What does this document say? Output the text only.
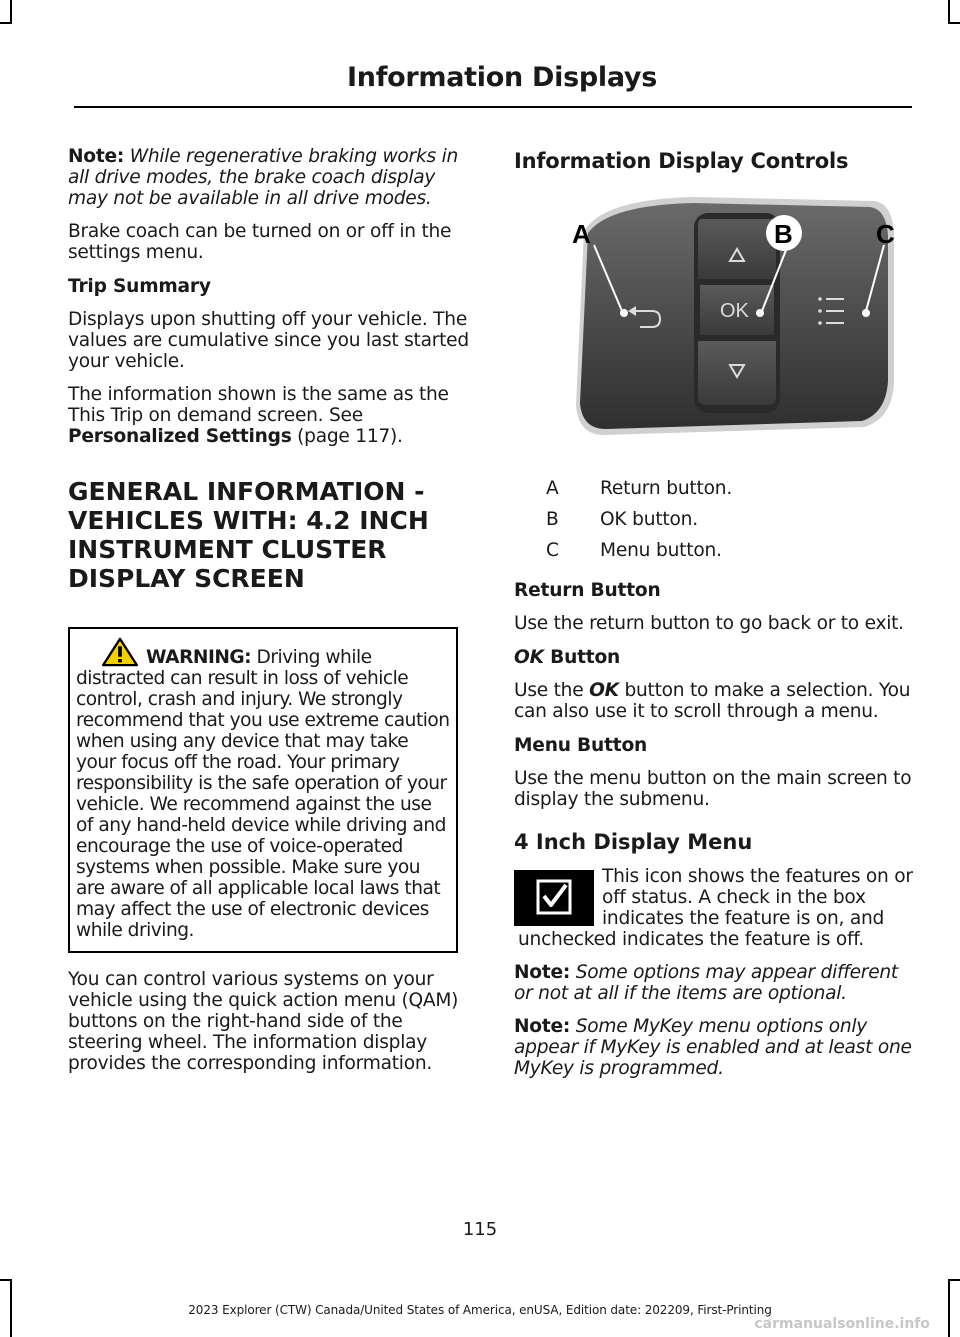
Information Displays

Note: While regenerative braking works in all drive modes, the brake coach display may not be available in all drive modes.

Brake coach can be turned on or off in the settings menu.

Trip Summary

Displays upon shutting off your vehicle. The values are cumulative since you last started your vehicle.

The information shown is the same as the This Trip on demand screen. See Personalized Settings (page 117).

GENERAL INFORMATION -
VEHICLES WITH: 4.2 INCH
INSTRUMENT CLUSTER
DISPLAY SCREEN

WARNING: Driving while distracted can result in loss of vehicle control, crash and injury. We strongly recommend that you use extreme caution when using any device that may take your focus off the road. Your primary responsibility is the safe operation of your vehicle. We recommend against the use of any hand-held device while driving and encourage the use of voice-operated systems when possible. Make sure you are aware of all applicable local laws that may affect the use of electronic devices while driving.

You can control various systems on your vehicle using the quick action menu (QAM) buttons on the right-hand side of the steering wheel. The information display provides the corresponding information.

Information Display Controls
OK
A	B	C
A	Return button.
B	OK button.
C	Menu button.
Return Button

Use the return button to go back or to exit.

OK Button

Use the OK button to make a selection. You can also use it to scroll through a menu.

Menu Button

Use the menu button on the main screen to display the submenu.

4 Inch Display Menu

This icon shows the features on or off status. A check in the box indicates the feature is on, and unchecked indicates the feature is off.

Note: Some options may appear different or not at all if the items are optional.

Note: Some MyKey menu options only appear if MyKey is enabled and at least one MyKey is programmed.

115
2023 Explorer (CTW) Canada/United States of America, enUSA, Edition date: 202209, First-Printing
carmanualsonline.info
